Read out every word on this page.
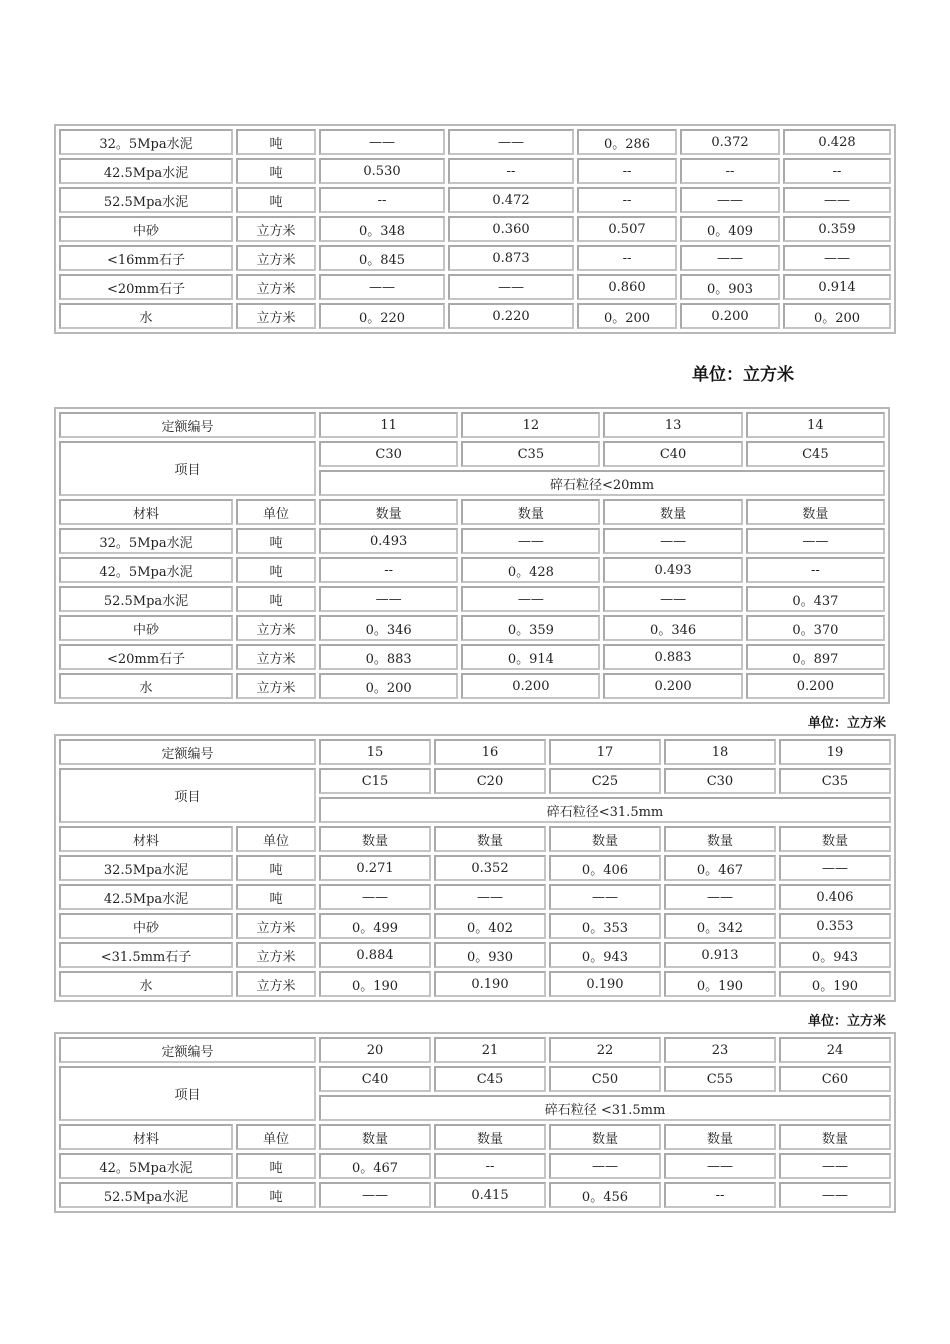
32。5Mpa水泥	吨	——	——	0。286	0.372	0.428
42.5Mpa水泥	吨	0.530	--	--	--	--
52.5Mpa水泥	吨	--	0.472	--	——	——
中砂	立方米	0。348	0.360	0.507	0。409	0.359
<16mm石子	立方米	0。845	0.873	--	——	——
<20mm石子	立方米	——	——	0.860	0。903	0.914
水	立方米	0。220	0.220	0。200	0.200	0。200
单位：立方米
定额编号		11	12	13	14
项目		C30	C35	C40	C45
		碎石粒径<20mm			
材料	单位	数量	数量	数量	数量
32。5Mpa水泥	吨	0.493	——	——	——
42。5Mpa水泥	吨	--	0。428	0.493	--
52.5Mpa水泥	吨	——	——	——	0。437
中砂	立方米	0。346	0。359	0。346	0。370
<20mm石子	立方米	0。883	0。914	0.883	0。897
水	立方米	0。200	0.200	0.200	0.200
单位：立方米
定额编号		15	16	17	18	19
项目		C15	C20	C25	C30	C35
		碎石粒径<31.5mm				
材料	单位	数量	数量	数量	数量	数量
32.5Mpa水泥	吨	0.271	0.352	0。406	0。467	——
42.5Mpa水泥	吨	——	——	——	——	0.406
中砂	立方米	0。499	0。402	0。353	0。342	0.353
<31.5mm石子	立方米	0.884	0。930	0。943	0.913	0。943
水	立方米	0。190	0.190	0.190	0。190	0。190
单位：立方米
定额编号		20	21	22	23	24
项目		C40	C45	C50	C55	C60
		碎石粒径 <31.5mm				
材料	单位	数量	数量	数量	数量	数量
42。5Mpa水泥	吨	0。467	--	——	——	——
52.5Mpa水泥	吨	——	0.415	0。456	--	——
